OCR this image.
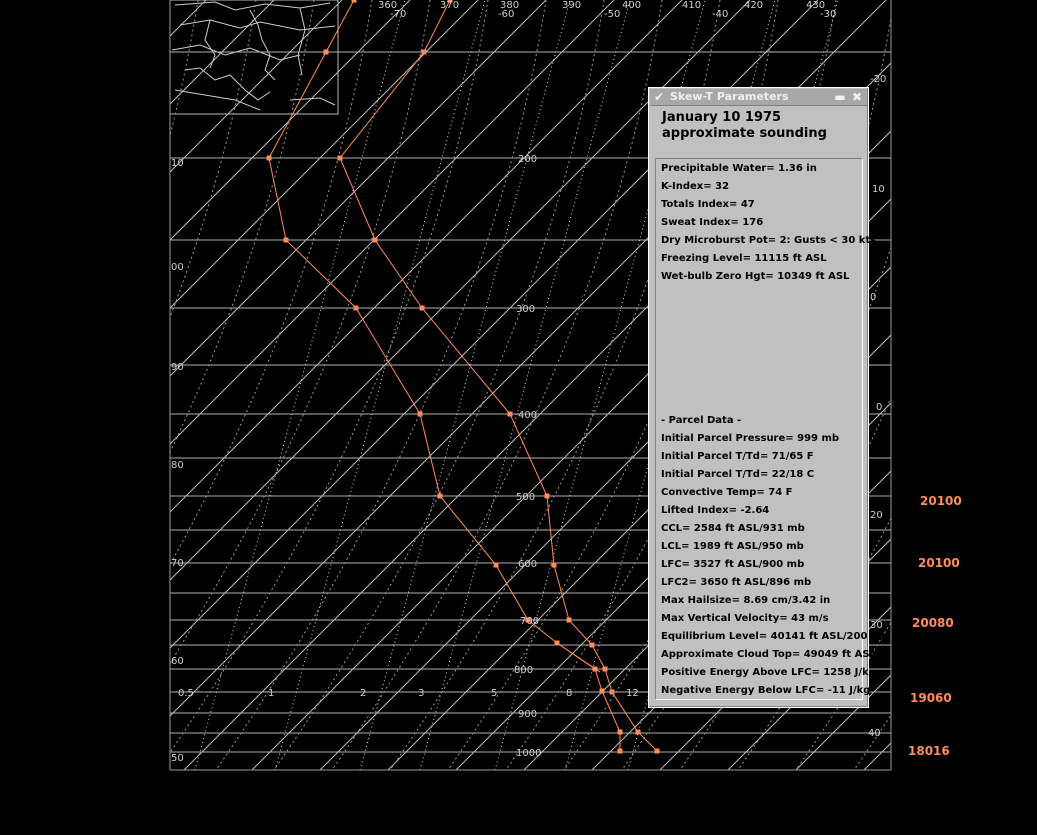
200
300
400
500
600
700
800
900
1000
360	370	380	390	400	410	420	430
-70	-60	-50	-40	-30
10
00
90
80
70
60
50
-20
10
0
0
20
30
40
0.5	1	2	3	5	8	12
20100
20100
20080
19060
18016
✔ Skew-T Parameters	▬ ✖
January 10 1975
approximate sounding
Precipitable Water= 1.36 in
K-Index= 32
Totals Index= 47
Sweat Index= 176
Dry Microburst Pot= 2: Gusts < 30 kts
Freezing Level= 11115 ft ASL
Wet-bulb Zero Hgt= 10349 ft ASL
- Parcel Data -
Initial Parcel Pressure= 999 mb
Initial Parcel T/Td= 71/65 F
Initial Parcel T/Td= 22/18 C
Convective Temp= 74 F
Lifted Index= -2.64
CCL= 2584 ft ASL/931 mb
LCL= 1989 ft ASL/950 mb
LFC= 3527 ft ASL/900 mb
LFC2= 3650 ft ASL/896 mb
Max Hailsize= 8.69 cm/3.42 in
Max Vertical Velocity= 43 m/s
Equilibrium Level= 40141 ft ASL/200 mb
Approximate Cloud Top= 49049 ft ASL
Positive Energy Above LFC= 1258 J/kg
Negative Energy Below LFC= -11 J/kg
